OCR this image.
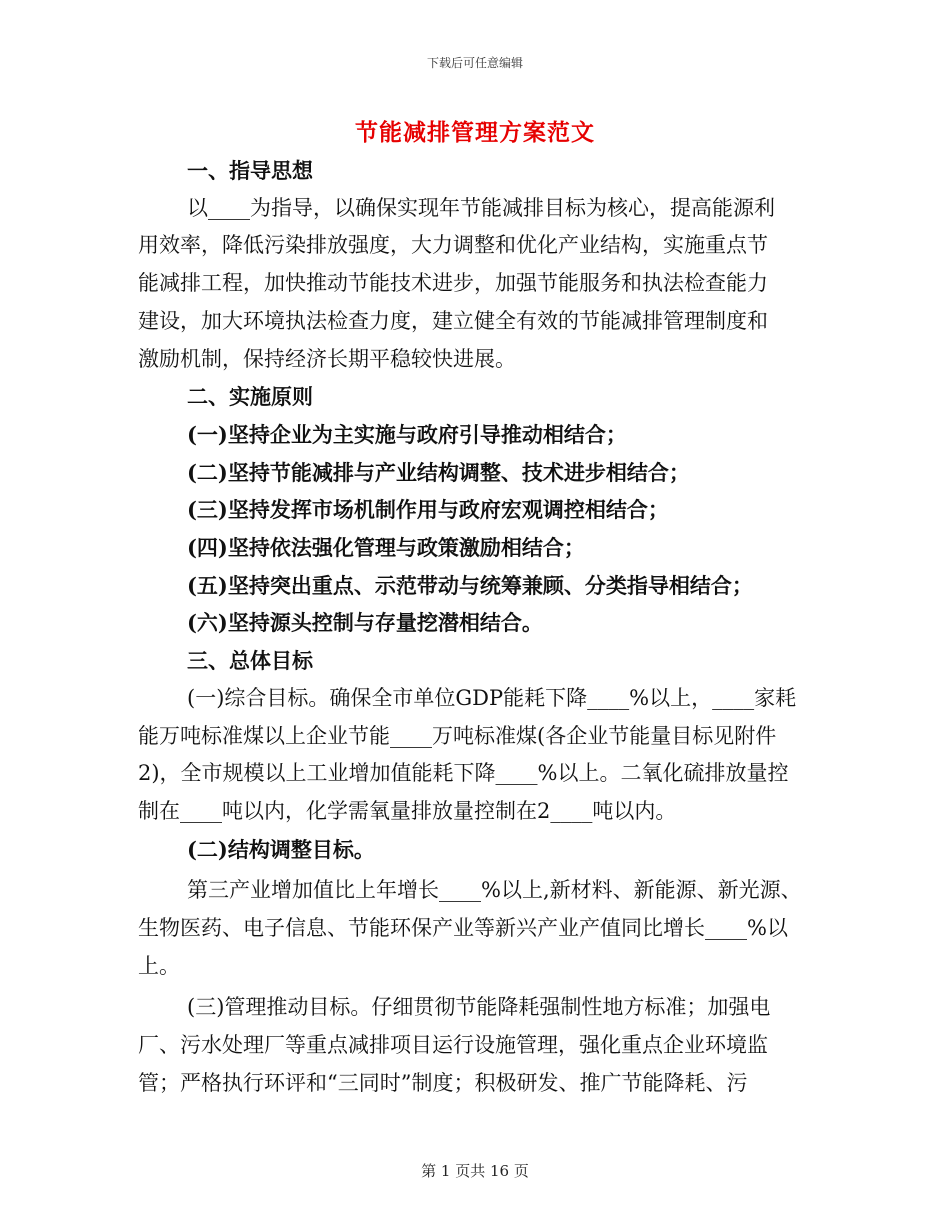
下载后可任意编辑
节能减排管理方案范文
一、指导思想
以____为指导，以确保实现年节能减排目标为核心，提高能源利
用效率，降低污染排放强度，大力调整和优化产业结构，实施重点节
能减排工程，加快推动节能技术进步，加强节能服务和执法检查能力
建设，加大环境执法检查力度，建立健全有效的节能减排管理制度和
激励机制，保持经济长期平稳较快进展。
二、实施原则
(一)坚持企业为主实施与政府引导推动相结合；
(二)坚持节能减排与产业结构调整、技术进步相结合；
(三)坚持发挥市场机制作用与政府宏观调控相结合；
(四)坚持依法强化管理与政策激励相结合；
(五)坚持突出重点、示范带动与统筹兼顾、分类指导相结合；
(六)坚持源头控制与存量挖潜相结合。
三、总体目标
(一)综合目标。确保全市单位GDP能耗下降____%以上，____家耗
能万吨标准煤以上企业节能____万吨标准煤(各企业节能量目标见附件
2)，全市规模以上工业增加值能耗下降____%以上。二氧化硫排放量控
制在____吨以内，化学需氧量排放量控制在2____吨以内。
(二)结构调整目标。
第三产业增加值比上年增长____%以上,新材料、新能源、新光源、
生物医药、电子信息、节能环保产业等新兴产业产值同比增长____%以
上。
(三)管理推动目标。仔细贯彻节能降耗强制性地方标准；加强电
厂、污水处理厂等重点减排项目运行设施管理，强化重点企业环境监
管；严格执行环评和“三同时”制度；积极研发、推广节能降耗、污
第 1 页共 16 页
